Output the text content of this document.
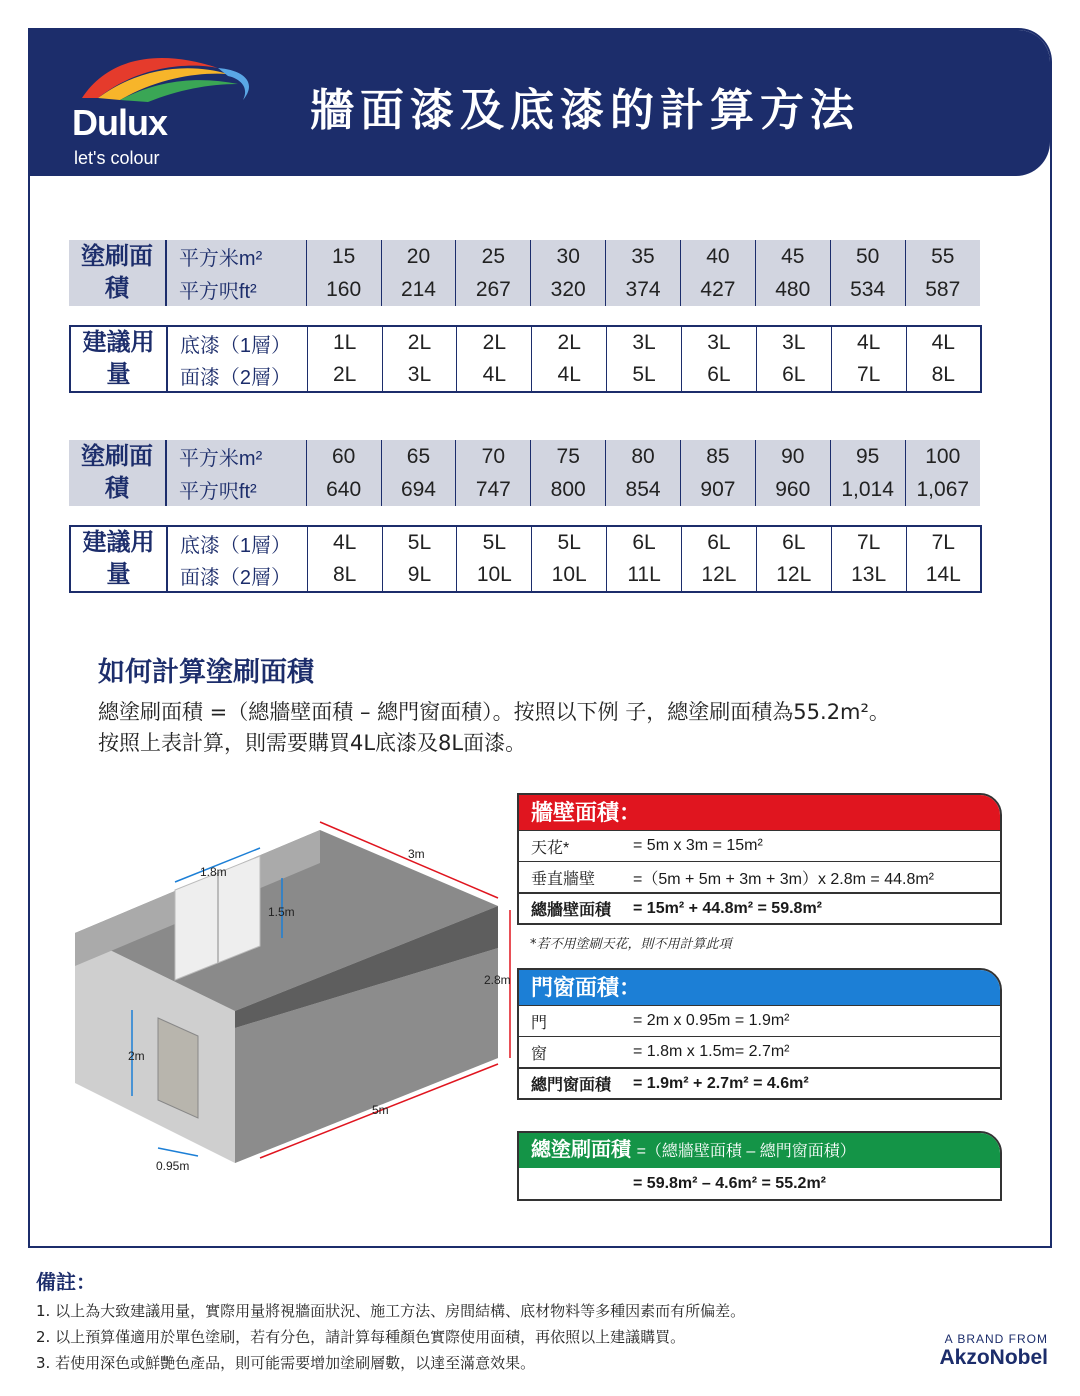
Dulux
let's colour
牆面漆及底漆的計算方法
塗刷面積	平方米m²	15	20	25	30	35	40	45	50	55
	平方呎ft²	160	214	267	320	374	427	480	534	587
建議用量	底漆（1層）	1L	2L	2L	2L	3L	3L	3L	4L	4L
	面漆（2層）	2L	3L	4L	4L	5L	6L	6L	7L	8L
塗刷面積	平方米m²	60	65	70	75	80	85	90	95	100
	平方呎ft²	640	694	747	800	854	907	960	1,014	1,067
建議用量	底漆（1層）	4L	5L	5L	5L	6L	6L	6L	7L	7L
	面漆（2層）	8L	9L	10L	10L	11L	12L	12L	13L	14L
如何計算塗刷面積
總塗刷面積 =（總牆壁面積 – 總門窗面積）。按照以下例 子，總塗刷面積為55.2m²。
按照上表計算，則需要購買4L底漆及8L面漆。
1.8m
1.5m
3m
2.8m
5m
2m
0.95m
牆壁面積：
天花*	= 5m x 3m = 15m²
垂直牆壁	=（5m + 5m + 3m + 3m）x 2.8m = 44.8m²
總牆壁面積	= 15m² + 44.8m² = 59.8m²
*若不用塗刷天花，則不用計算此項
門窗面積：
門	= 2m x 0.95m = 1.9m²
窗	= 1.8m x 1.5m= 2.7m²
總門窗面積	= 1.9m² + 2.7m² = 4.6m²
總塗刷面積 =（總牆壁面積 – 總門窗面積）
= 59.8m² – 4.6m² = 55.2m²
備註：
1. 以上為大致建議用量，實際用量將視牆面狀況、施工方法、房間結構、底材物料等多種因素而有所偏差。
2. 以上預算僅適用於單色塗刷，若有分色，請計算每種顏色實際使用面積，再依照以上建議購買。
3. 若使用深色或鮮艷色產品，則可能需要增加塗刷層數，以達至滿意效果。
A BRAND FROM
AkzoNobel
